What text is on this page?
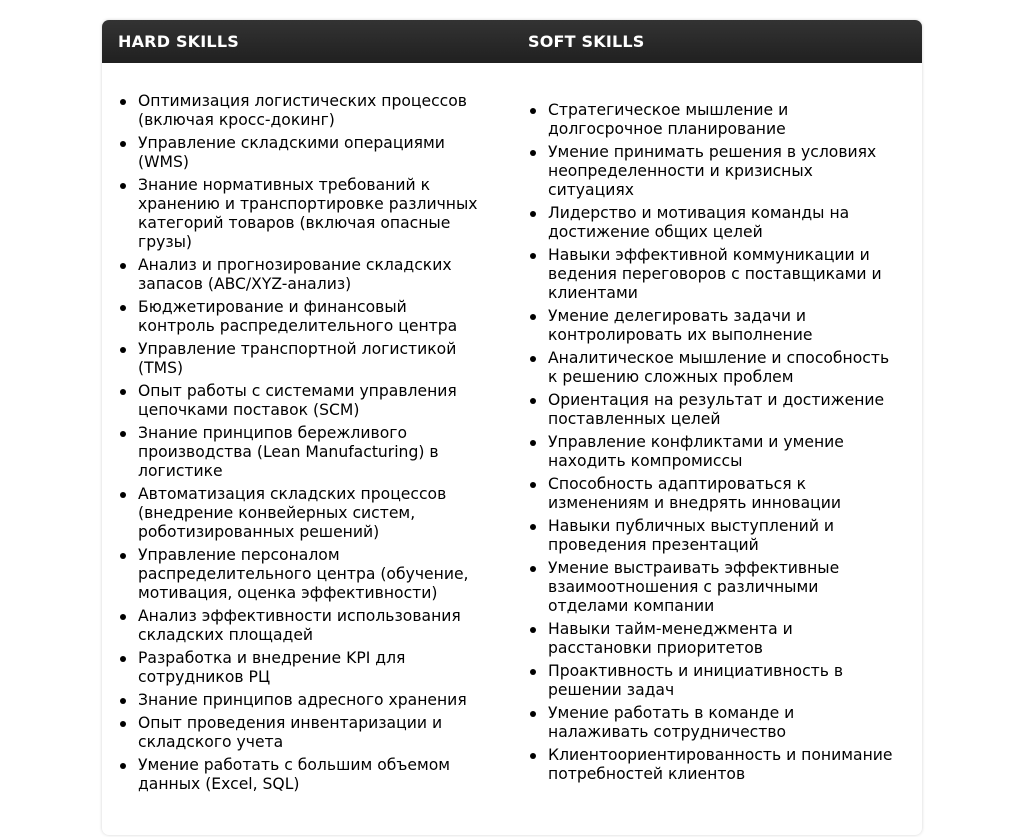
HARD SKILLS	SOFT SKILLS
Оптимизация логистических процессов (включая кросс-докинг)
Управление складскими операциями (WMS)
Знание нормативных требований к хранению и транспортировке различных категорий товаров (включая опасные грузы)
Анализ и прогнозирование складских запасов (ABC/XYZ-анализ)
Бюджетирование и финансовый контроль распределительного центра
Управление транспортной логистикой (TMS)
Опыт работы с системами управления цепочками поставок (SCM)
Знание принципов бережливого производства (Lean Manufacturing) в логистике
Автоматизация складских процессов (внедрение конвейерных систем, роботизированных решений)
Управление персоналом распределительного центра (обучение, мотивация, оценка эффективности)
Анализ эффективности использования складских площадей
Разработка и внедрение KPI для сотрудников РЦ
Знание принципов адресного хранения
Опыт проведения инвентаризации и складского учета
Умение работать с большим объемом данных (Excel, SQL)
Стратегическое мышление и долгосрочное планирование
Умение принимать решения в условиях неопределенности и кризисных ситуациях
Лидерство и мотивация команды на достижение общих целей
Навыки эффективной коммуникации и ведения переговоров с поставщиками и клиентами
Умение делегировать задачи и контролировать их выполнение
Аналитическое мышление и способность к решению сложных проблем
Ориентация на результат и достижение поставленных целей
Управление конфликтами и умение находить компромиссы
Способность адаптироваться к изменениям и внедрять инновации
Навыки публичных выступлений и проведения презентаций
Умение выстраивать эффективные взаимоотношения с различными отделами компании
Навыки тайм-менеджмента и расстановки приоритетов
Проактивность и инициативность в решении задач
Умение работать в команде и налаживать сотрудничество
Клиентоориентированность и понимание потребностей клиентов
